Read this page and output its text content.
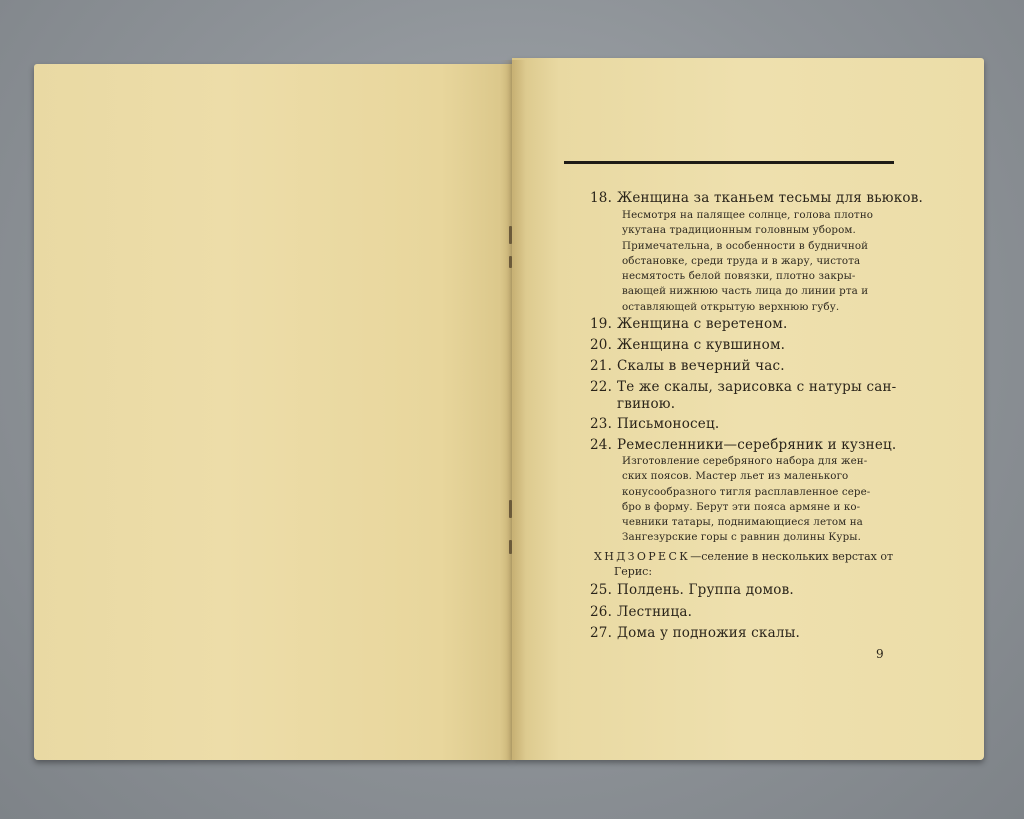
18. Женщина за тканьем тесьмы для вьюков.
Несмотря на палящее солнце, голова плотно
укутана традиционным головным убором.
Примечательна, в особенности в будничной
обстановке, среди труда и в жару, чистота
несмятость белой повязки, плотно закры-
вающей нижнюю часть лица до линии рта и
оставляющей открытую верхнюю губу.
19. Женщина с веретеном.
20. Женщина с кувшином.
21. Скалы в вечерний час.
22. Те же скалы, зарисовка с натуры сан-
гвиною.
23. Письмоносец.
24. Ремесленники—серебряник и кузнец.
Изготовление серебряного набора для жен-
ских поясов. Мастер льет из маленького
конусообразного тигля расплавленное сере-
бро в форму. Берут эти пояса армяне и ко-
чевники татары, поднимающиеся летом на
Зангезурские горы с равнин долины Куры.
ХНДЗОРЕСК—селение в нескольких верстах от
Герис:
25. Полдень. Группа домов.
26. Лестница.
27. Дома у подножия скалы.
9
